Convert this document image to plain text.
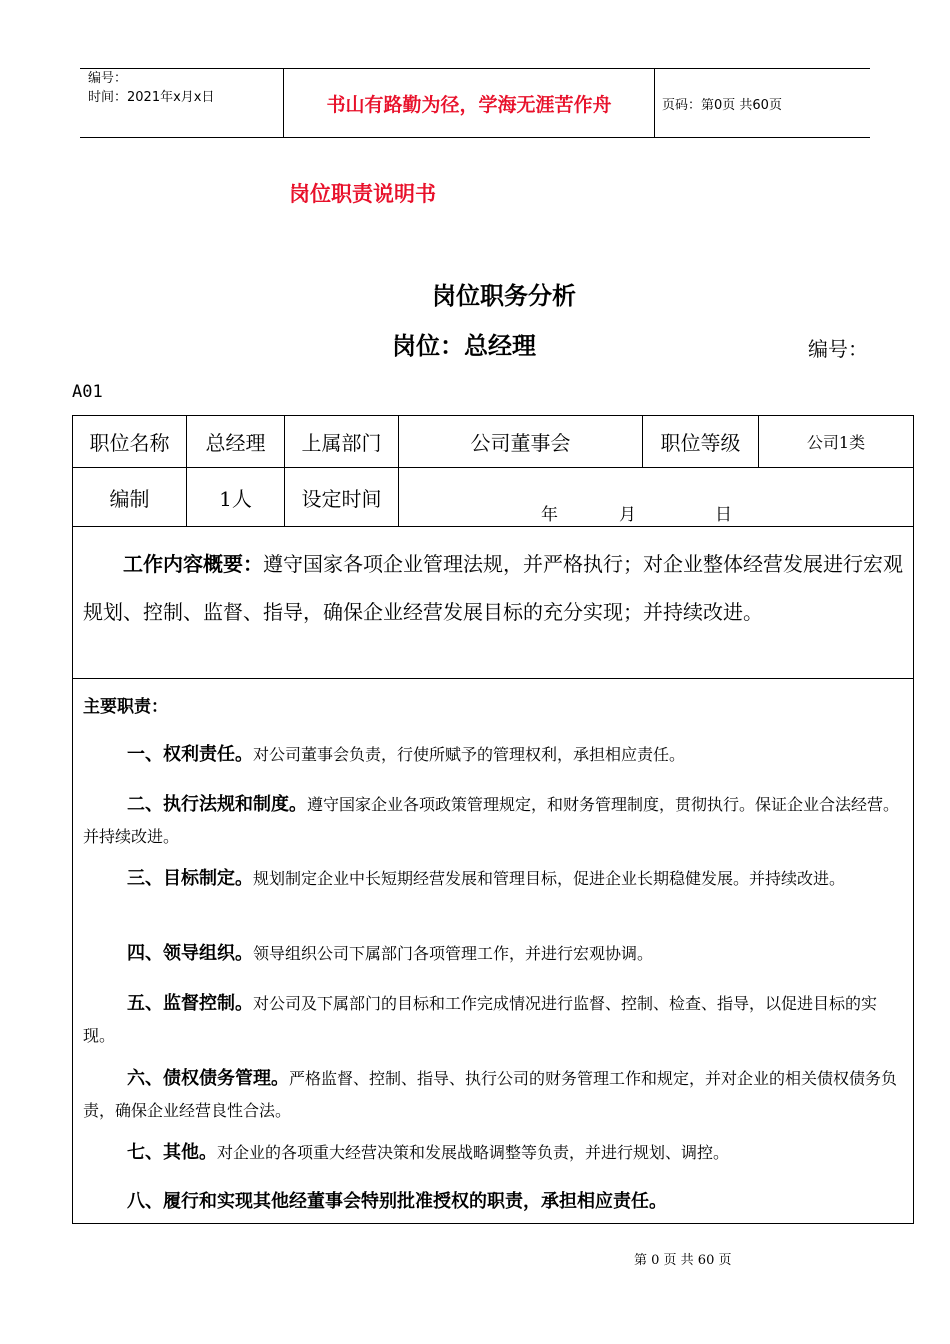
编号：
时间：2021年x月x日	书山有路勤为径，学海无涯苦作舟	页码：第0页 共60页
岗位职责说明书
岗位职务分析
岗位：总经理	编号：
A01
职位名称	总经理	上属部门	公司董事会	职位等级	公司1类
编制	1人	设定时间
年	月	日
工作内容概要：遵守国家各项企业管理法规，并严格执行；对企业整体经营发展进行宏观规划、控制、监督、指导，确保企业经营发展目标的充分实现；并持续改进。
主要职责：
一、权利责任。对公司董事会负责，行使所赋予的管理权利，承担相应责任。
二、执行法规和制度。遵守国家企业各项政策管理规定，和财务管理制度，贯彻执行。保证企业合法经营。并持续改进。
三、目标制定。规划制定企业中长短期经营发展和管理目标，促进企业长期稳健发展。并持续改进。
四、领导组织。领导组织公司下属部门各项管理工作，并进行宏观协调。
五、监督控制。对公司及下属部门的目标和工作完成情况进行监督、控制、检查、指导，以促进目标的实现。
六、债权债务管理。严格监督、控制、指导、执行公司的财务管理工作和规定，并对企业的相关债权债务负责，确保企业经营良性合法。
七、其他。对企业的各项重大经营决策和发展战略调整等负责，并进行规划、调控。
八、履行和实现其他经董事会特别批准授权的职责，承担相应责任。
第 0 页 共 60 页
